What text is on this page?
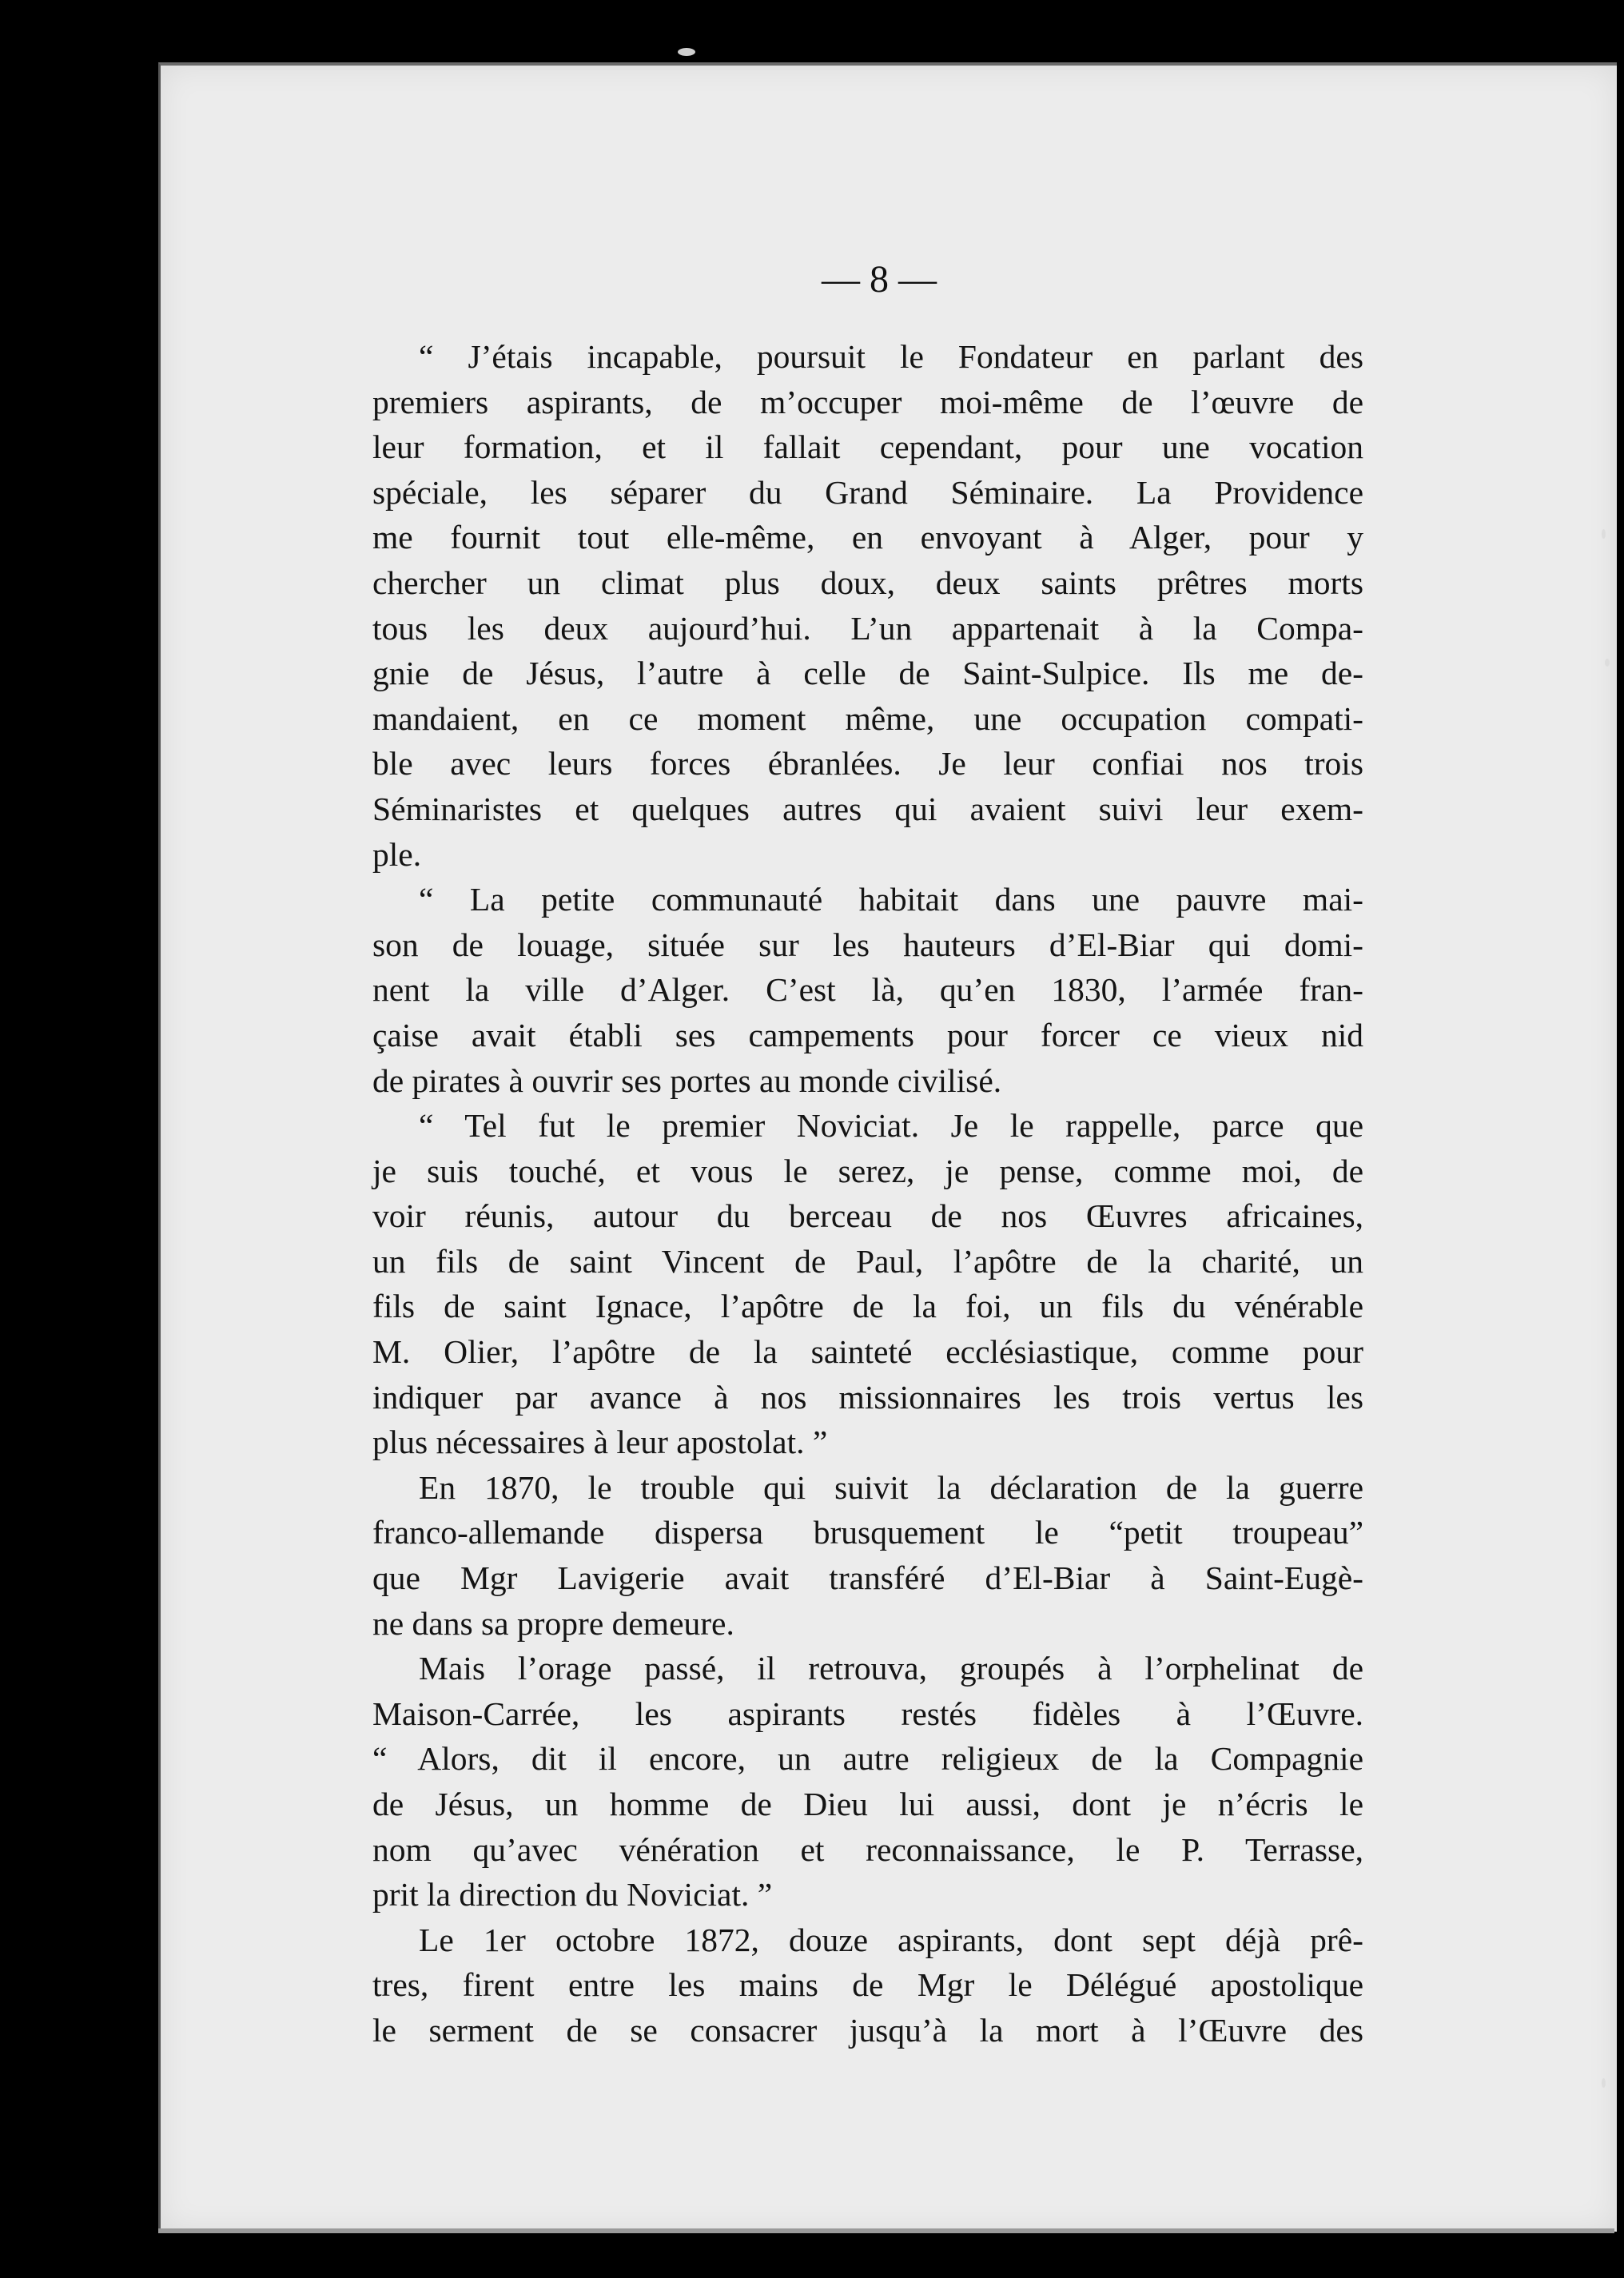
— 8 —
“ J’étais incapable, poursuit le Fondateur en parlant des
premiers aspirants, de m’occuper moi-même de l’œuvre de
leur formation, et il fallait cependant, pour une vocation
spéciale, les séparer du Grand Séminaire. La Providence
me fournit tout elle-même, en envoyant à Alger, pour y
chercher un climat plus doux, deux saints prêtres morts
tous les deux aujourd’hui. L’un appartenait à la Compa-
gnie de Jésus, l’autre à celle de Saint-Sulpice. Ils me de-
mandaient, en ce moment même, une occupation compati-
ble avec leurs forces ébranlées. Je leur confiai nos trois
Séminaristes et quelques autres qui avaient suivi leur exem-
ple.
“ La petite communauté habitait dans une pauvre mai-
son de louage, située sur les hauteurs d’El-Biar qui domi-
nent la ville d’Alger. C’est là, qu’en 1830, l’armée fran-
çaise avait établi ses campements pour forcer ce vieux nid
de pirates à ouvrir ses portes au monde civilisé.
“ Tel fut le premier Noviciat. Je le rappelle, parce que
je suis touché, et vous le serez, je pense, comme moi, de
voir réunis, autour du berceau de nos Œuvres africaines,
un fils de saint Vincent de Paul, l’apôtre de la charité, un
fils de saint Ignace, l’apôtre de la foi, un fils du vénérable
M. Olier, l’apôtre de la sainteté ecclésiastique, comme pour
indiquer par avance à nos missionnaires les trois vertus les
plus nécessaires à leur apostolat. ”
En 1870, le trouble qui suivit la déclaration de la guerre
franco-allemande dispersa brusquement le “petit troupeau”
que Mgr Lavigerie avait transféré d’El-Biar à Saint-Eugè-
ne dans sa propre demeure.
Mais l’orage passé, il retrouva, groupés à l’orphelinat de
Maison-Carrée, les aspirants restés fidèles à l’Œuvre.
“ Alors, dit il encore, un autre religieux de la Compagnie
de Jésus, un homme de Dieu lui aussi, dont je n’écris le
nom qu’avec vénération et reconnaissance, le P. Terrasse,
prit la direction du Noviciat. ”
Le 1er octobre 1872, douze aspirants, dont sept déjà prê-
tres, firent entre les mains de Mgr le Délégué apostolique
le serment de se consacrer jusqu’à la mort à l’Œuvre des
